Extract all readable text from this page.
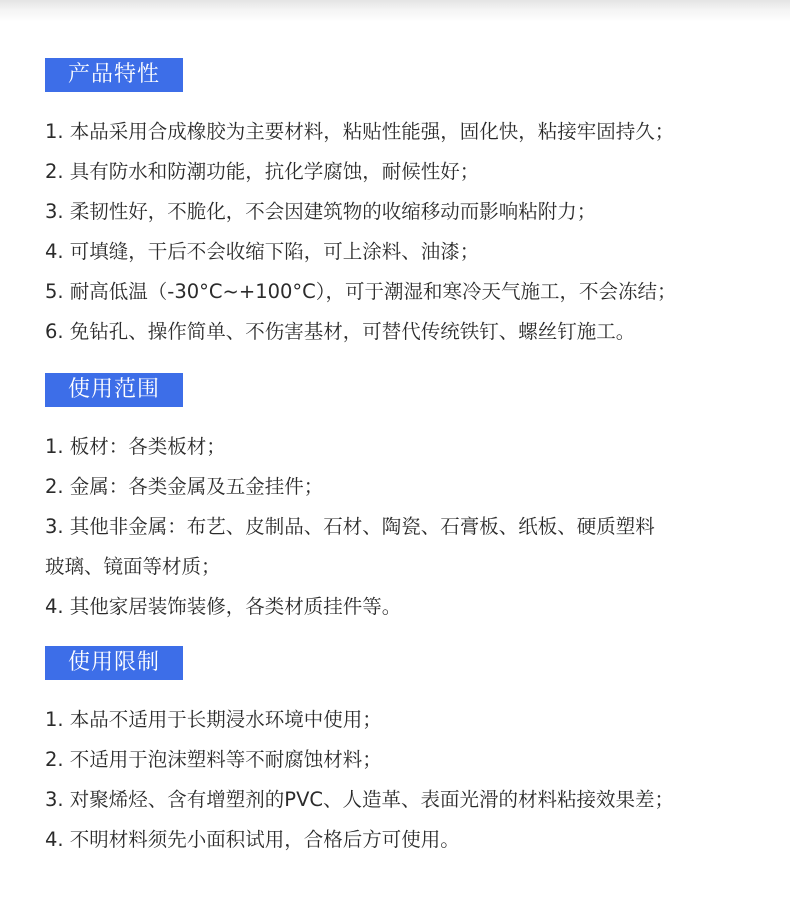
产品特性
1. 本品采用合成橡胶为主要材料，粘贴性能强，固化快，粘接牢固持久；
2. 具有防水和防潮功能，抗化学腐蚀，耐候性好；
3. 柔韧性好，不脆化，不会因建筑物的收缩移动而影响粘附力；
4. 可填缝，干后不会收缩下陷，可上涂料、油漆；
5. 耐高低温（-30°C~+100°C），可于潮湿和寒冷天气施工，不会冻结；
6. 免钻孔、操作简单、不伤害基材，可替代传统铁钉、螺丝钉施工。
使用范围
1. 板材：各类板材；
2. 金属：各类金属及五金挂件；
3. 其他非金属：布艺、皮制品、石材、陶瓷、石膏板、纸板、硬质塑料
玻璃、镜面等材质；
4. 其他家居装饰装修，各类材质挂件等。
使用限制
1. 本品不适用于长期浸水环境中使用；
2. 不适用于泡沫塑料等不耐腐蚀材料；
3. 对聚烯烃、含有增塑剂的PVC、人造革、表面光滑的材料粘接效果差；
4. 不明材料须先小面积试用，合格后方可使用。
